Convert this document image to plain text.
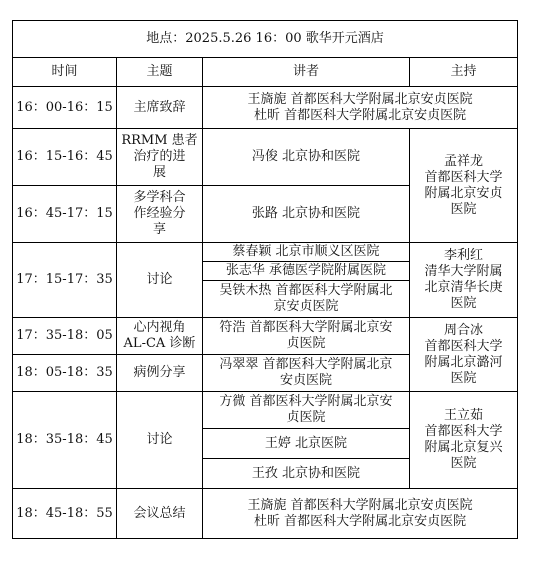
地点：2025.5.26 16：00 歌华开元酒店			
时间	主题	讲者	主持
16：00-16：15	主席致辞	王旖旎 首都医科大学附属北京安贞医院
杜昕 首都医科大学附属北京安贞医院	

16：15-16：45	RRMM 患者
治疗的进
展	冯俊 北京协和医院	孟祥龙
首都医科大学
附属北京安贞
医院

16：45-17：15	多学科合
作经验分
享	张路 北京协和医院	
17：15-17：35	讨论	蔡春颖 北京市顺义区医院	李利红
清华大学附属
北京清华长庚
医院

		张志华 承德医学院附属医院	

		吴铁木热 首都医科大学附属北
京安贞医院	

17：35-18：05	心内视角
AL-CA 诊断	符浩 首都医科大学附属北京安
贞医院	周合冰
首都医科大学
附属北京潞河
医院

18：05-18：35	病例分享	冯翠翠 首都医科大学附属北京
安贞医院	

18：35-18：45	讨论	方微 首都医科大学附属北京安
贞医院	王立茹
首都医科大学
附属北京复兴
医院

		王婷 北京医院	
		王孜 北京协和医院	
18：45-18：55	会议总结	王旖旎 首都医科大学附属北京安贞医院
杜昕 首都医科大学附属北京安贞医院	
